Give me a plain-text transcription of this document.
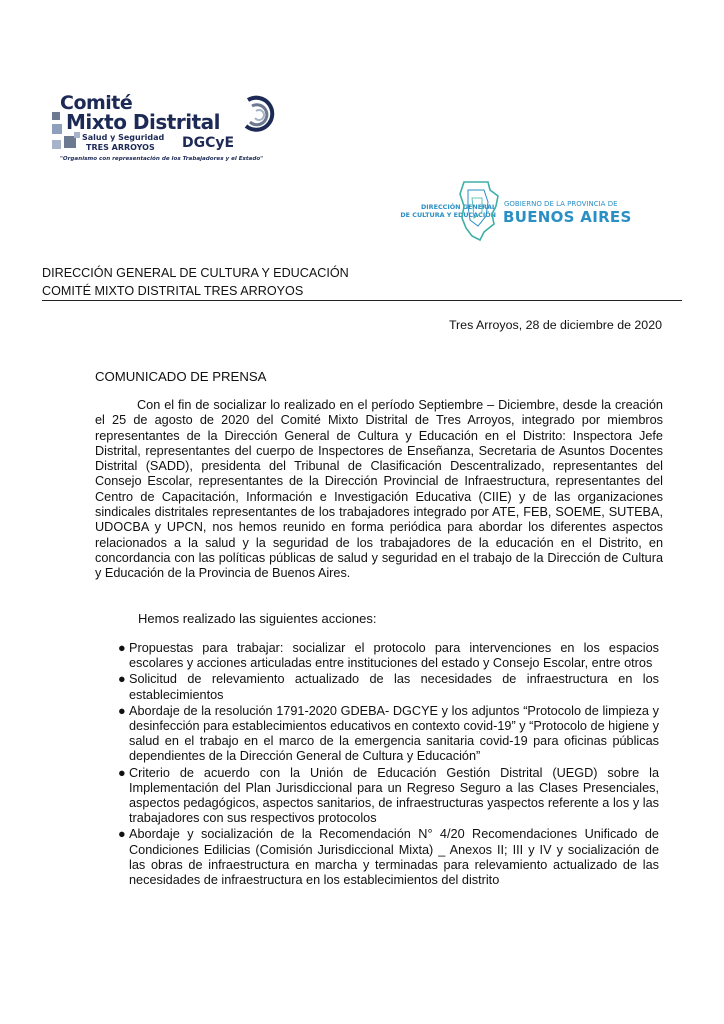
Comité
Mixto Distrital
Salud y Seguridad
TRES ARROYOS DGCyE
"Organismo con representación de los Trabajadores y el Estado"
DIRECCIÓN GENERAL
DE CULTURA Y EDUCACIÓN
GOBIERNO DE LA PROVINCIA DE
BUENOS AIRES
DIRECCIÓN GENERAL DE CULTURA Y EDUCACIÓN
COMITÉ MIXTO DISTRITAL TRES ARROYOS
Tres Arroyos, 28 de diciembre de 2020
COMUNICADO DE PRENSA

Con el fin de socializar lo realizado en el período Septiembre – Diciembre, desde la creación el 25 de agosto de 2020 del Comité Mixto Distrital de Tres Arroyos, integrado por miembros representantes de la Dirección General de Cultura y Educación en el Distrito: Inspectora Jefe Distrital, representantes del cuerpo de Inspectores de Enseñanza, Secretaria de Asuntos Docentes Distrital (SADD), presidenta del Tribunal de Clasificación Descentralizado, representantes del Consejo Escolar, representantes de la Dirección Provincial de Infraestructura, representantes del Centro de Capacitación, Información e Investigación Educativa (CIIE) y de las organizaciones sindicales distritales representantes de los trabajadores integrado por ATE, FEB, SOEME, SUTEBA, UDOCBA y UPCN, nos hemos reunido en forma periódica para abordar los diferentes aspectos relacionados a la salud y la seguridad de los trabajadores de la educación en el Distrito, en concordancia con las políticas públicas de salud y seguridad en el trabajo de la Dirección de Cultura y Educación de la Provincia de Buenos Aires.

Hemos realizado las siguientes acciones:
● Propuestas para trabajar: socializar el protocolo para intervenciones en los espacios escolares y acciones articuladas entre instituciones del estado y Consejo Escolar, entre otros
● Solicitud de relevamiento actualizado de las necesidades de infraestructura en los establecimientos
● Abordaje de la resolución 1791-2020 GDEBA- DGCYE y los adjuntos “Protocolo de limpieza y desinfección para establecimientos educativos en contexto covid-19” y “Protocolo de higiene y salud en el trabajo en el marco de la emergencia sanitaria covid-19 para oficinas públicas dependientes de la Dirección General de Cultura y Educación”
● Criterio de acuerdo con la Unión de Educación Gestión Distrital (UEGD) sobre la Implementación del Plan Jurisdiccional para un Regreso Seguro a las Clases Presenciales, aspectos pedagógicos, aspectos sanitarios, de infraestructuras yaspectos referente a los y las trabajadores con sus respectivos protocolos
● Abordaje y socialización de la Recomendación N° 4/20 Recomendaciones Unificado de Condiciones Edilicias (Comisión Jurisdiccional Mixta) _ Anexos II; III y IV y socialización de las obras de infraestructura en marcha y terminadas para relevamiento actualizado de las necesidades de infraestructura en los establecimientos del distrito
